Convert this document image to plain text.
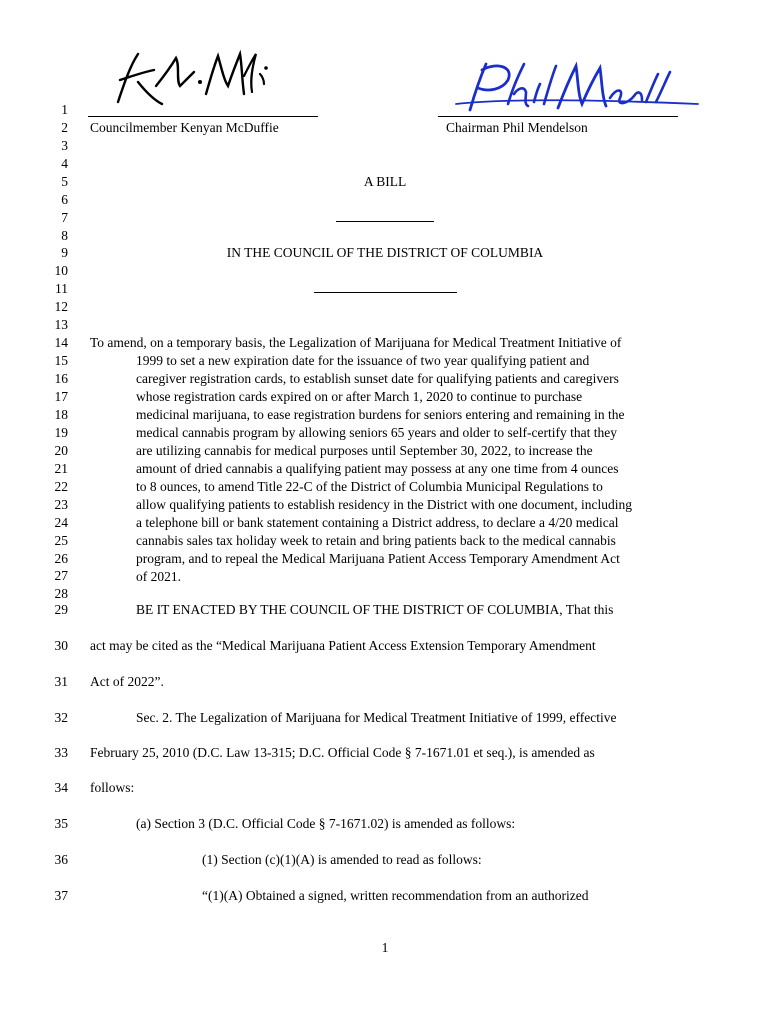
1
2
3
4
5
6
7
8
9
10
11
12
13
14
15
16
17
18
19
20
21
22
23
24
25
26
27
28
29
30
31
32
33
34
35
36
37
Councilmember Kenyan McDuffie	Chairman Phil Mendelson
A BILL
IN THE COUNCIL OF THE DISTRICT OF COLUMBIA
To amend, on a temporary basis, the Legalization of Marijuana for Medical Treatment Initiative of
1999 to set a new expiration date for the issuance of two year qualifying patient and
caregiver registration cards, to establish sunset date for qualifying patients and caregivers
whose registration cards expired on or after March 1, 2020 to continue to purchase
medicinal marijuana, to ease registration burdens for seniors entering and remaining in the
medical cannabis program by allowing seniors 65 years and older to self-certify that they
are utilizing cannabis for medical purposes until September 30, 2022, to increase the
amount of dried cannabis a qualifying patient may possess at any one time from 4 ounces
to 8 ounces, to amend Title 22-C of the District of Columbia Municipal Regulations to
allow qualifying patients to establish residency in the District with one document, including
a telephone bill or bank statement containing a District address, to declare a 4/20 medical
cannabis sales tax holiday week to retain and bring patients back to the medical cannabis
program, and to repeal the Medical Marijuana Patient Access Temporary Amendment Act
of 2021.
BE IT ENACTED BY THE COUNCIL OF THE DISTRICT OF COLUMBIA, That this
act may be cited as the “Medical Marijuana Patient Access Extension Temporary Amendment
Act of 2022”.
Sec. 2. The Legalization of Marijuana for Medical Treatment Initiative of 1999, effective
February 25, 2010 (D.C. Law 13-315; D.C. Official Code § 7-1671.01 et seq.), is amended as
follows:
(a) Section 3 (D.C. Official Code § 7-1671.02) is amended as follows:
(1) Section (c)(1)(A) is amended to read as follows:
“(1)(A) Obtained a signed, written recommendation from an authorized
1
